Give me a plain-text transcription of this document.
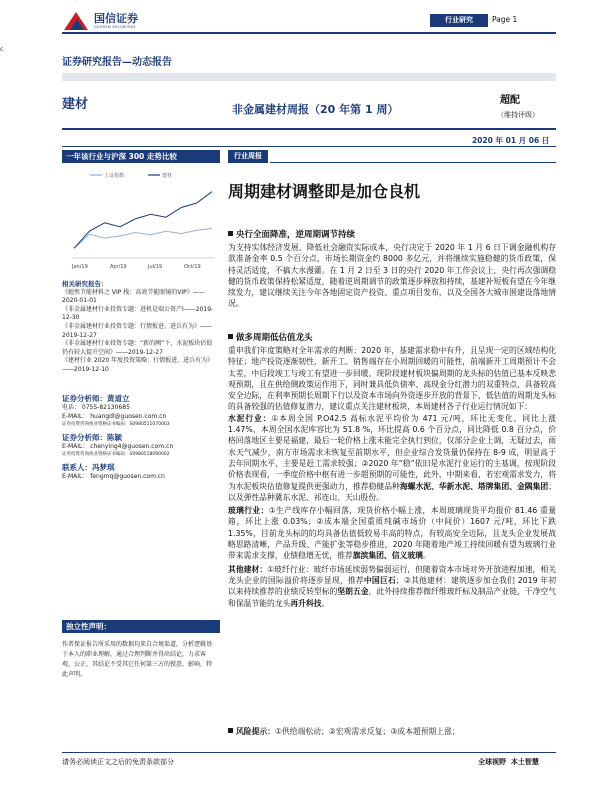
国信证券
GUOSEN SECURITIES
行业研究	Page 1
c
证券研究报告—动态报告
建材	非金属建材周报（20 年第 1 周）
超配
（维持评级）
2020 年 01 月 06 日
一年该行业与沪深 300 走势比较
上证指数	建材
Jan/19	Apr/19	Jul/19	Oct/19
相关研究报告：
《她然节能材料之 VIP 栈：高效节能眼镜的VIP》——2020-01-01
《非金属建材行业投资专题：进机是端公资产I——2019-12-30
《非金属建材行业投资专题：行情扳进、进兵有为》——2019-12-27
《非金属建材行业投资专题：“新的阙”下，水泥板块估值仍有较大提升空间》——2019-12-27
《建材行业 2020 年度投资策略：行情扳进，进兵有为》——2019-12-10
证券分析师：黄道立
电话： 0755-82130685
E-MAIL： huangdl@guosen.com.cn
证券投资咨询执业资格证书编码：S0980511070003
证券分析师：陈颖
E-MAIL： chenying4@guosen.com.cn
证券投资咨询执业资格证书编码：S0980518090002
联系人：冯梦琪
E-MAIL： fengmq@guosen.com.cn
独立性声明：
作者保证报告所采用的数据均来自合规渠道，分析逻辑基于本人的职业理解，通过合理判断并得出结论，力求客观、公正，其结论不受其它任何第三方的授意、影响，特此声明。
行业周报
周期建材调整即是加仓良机
央行全面降准，逆周期调节持续
为支持实体经济发展、降低社会融资实际成本，央行决定于 2020 年 1 月 6 日下调金融机构存款准备金率 0.5 个百分点，市场长期资金约 8000 多亿元，并将继续实施稳健的货币政策，保持灵活适度，不搞大水漫灌。在 1 月 2 日至 3 日的央行 2020 年工作会议上，央行再次强调稳健的货币政策保持松紧适度，随着逆周期调节的政策逐步释放和持续，基建补短板有望在今年继续发力，建议继续关注今年各地固定资产投资、重点项目发布，以及全国各大城市围建设落地情况。
做多周期低估值龙头
重申我们年度策略对全年需求的判断：2020 年，基建需求稳中有升，且呈现一定的区域结构化特征；地产投资逐渐韧性，新开工、销售端存在小周期回暖的可能性，前端新开工周期预计不会太差，中后段竣工与竣工有望进一步回暖，现阶段建材板块偏周期的龙头标的估值已基本反映悲观预期，且在供给侧政策运作用下，同时兼具低负债率、高现金分红潜力的双重特点，具备较高安全边际，在利率预期长周期下行以及资本市场向外资逐步开放的背景下，低估值的周期龙头标的具备较强的估值修复潜力，建议重点关注建材板块，本周建材各子行业运行情况如下：
水泥行业：①本周全国 P.O42.5 高标水泥平均价为 471 元/吨，环比无变化，同比上涨 1.47%，本周全国水泥库容比为 51.8 %，环比提高 0.6 个百分点，同比降低 0.8 百分点，价格回落地区主要是福建，最后一轮价格上涨未能完全执行到位，仅部分企业上调，无疑过去，雨水天气减少，南方市场需求未恢复至前期水平，但企业综合发货量仍保持在 8-9 成，明显高于去年同期水平，主要是赶工需求较强；②2020 年“稳”依旧是水泥行业运行的主基调，按现阶段价格表现看，一季度价格中枢有进一步超预期的可能性，此外，中期来看，若宏观需求发力，将为水泥板块估值修复提供更强动力，推荐稳健品种海螺水泥、华新水泥、塔牌集团、金隅集团；以及弹性品种冀东水泥、祁连山、天山股份。
玻璃行业：①生产线库存小幅回落，现货价格小幅上涨，本周玻璃现货平均报价 81.46 重量箱，环比上涨 0.03%；②成本端全国重质纯碱市场价（中间价）1607 元/吨，环比下跌 1.35%，目前龙头标的的均具备估值低较易丰高的特点，有较高安全边际，且龙头企业发展战略思路清晰，产品升级、产能扩张等稳步推进，2020 年随着地产竣工持续回暖有望为玻璃行业带来需求支撑，业绩稳增无忧，推荐旗滨集团、信义玻璃。
其他建材：①玻纤行业：玻纤市场延续弱势偏弱运行，但随着资本市场对外开放进程加速，相关龙头企业的国际溢价将逐步显现，推荐中国巨石；②其他建材：建筑逐步加仓我们 2019 年初以来持续推荐的业绩反转型标的坚朗五金，此外持续推荐微纤维玻纤标及制品产业链，干净空气和保温节能的龙头再升科技。
风险提示：①供给端松动；②宏观需求反复；③成本超预期上涨；
请务必阅读正文之后的免责条款部分	全球视野 本土智慧
